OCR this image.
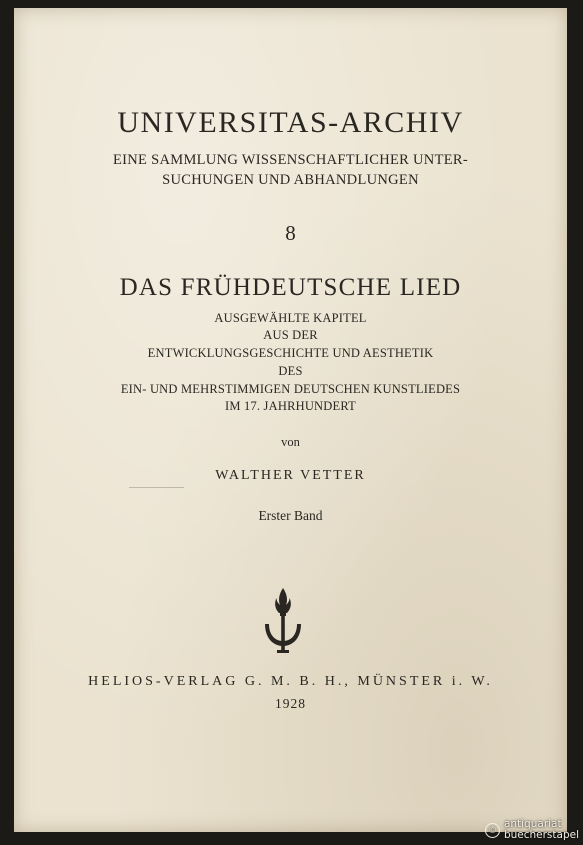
UNIVERSITAS-ARCHIV
EINE SAMMLUNG WISSENSCHAFTLICHER UNTER-
SUCHUNGEN UND ABHANDLUNGEN
8
DAS FRÜHDEUTSCHE LIED
AUSGEWÄHLTE KAPITEL
AUS DER
ENTWICKLUNGSGESCHICHTE UND AESTHETIK
DES
EIN- UND MEHRSTIMMIGEN DEUTSCHEN KUNSTLIEDES
IM 17. JAHRHUNDERT
von
WALTHER VETTER
Erster Band
HELIOS-VERLAG G. M. B. H., MÜNSTER i. W.
1928
©
antiquariat
buecherstapel
